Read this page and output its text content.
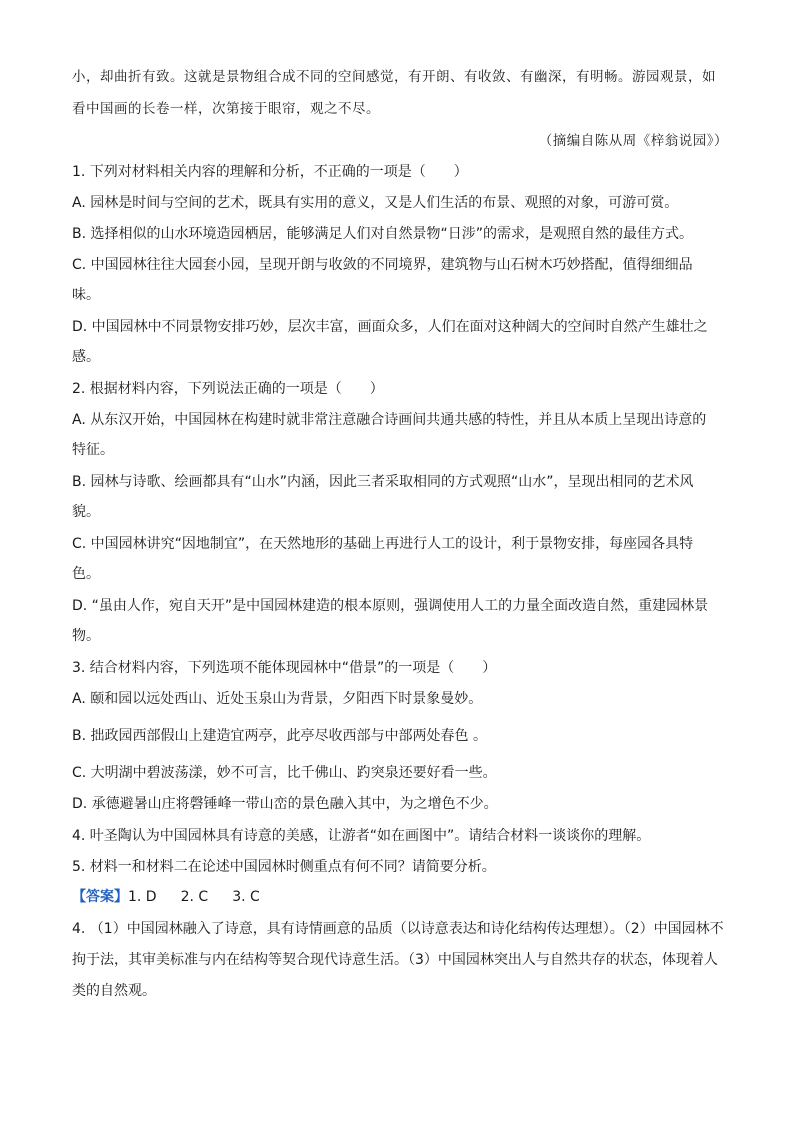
小，却曲折有致。这就是景物组合成不同的空间感觉，有开朗、有收敛、有幽深，有明畅。游园观景，如
看中国画的长卷一样，次第接于眼帘，观之不尽。
（摘编自陈从周《梓翁说园》）
1. 下列对材料相关内容的理解和分析，不正确的一项是（　　）
A. 园林是时间与空间的艺术，既具有实用的意义，又是人们生活的布景、观照的对象，可游可赏。
B. 选择相似的山水环境造园栖居，能够满足人们对自然景物“日涉”的需求，是观照自然的最佳方式。
C. 中国园林往往大园套小园，呈现开朗与收敛的不同境界，建筑物与山石树木巧妙搭配，值得细细品
味。
D. 中国园林中不同景物安排巧妙，层次丰富，画面众多，人们在面对这种阔大的空间时自然产生雄壮之
感。
2. 根据材料内容，下列说法正确的一项是（　　）
A. 从东汉开始，中国园林在构建时就非常注意融合诗画间共通共感的特性，并且从本质上呈现出诗意的
特征。
B. 园林与诗歌、绘画都具有“山水”内涵，因此三者采取相同的方式观照“山水”，呈现出相同的艺术风
貌。
C. 中国园林讲究“因地制宜”，在天然地形的基础上再进行人工的设计，利于景物安排，每座园各具特
色。
D. “虽由人作，宛自天开”是中国园林建造的根本原则，强调使用人工的力量全面改造自然，重建园林景
物。
3. 结合材料内容，下列选项不能体现园林中“借景”的一项是（　　）
A. 颐和园以远处西山、近处玉泉山为背景，夕阳西下时景象曼妙。
B. 拙政园西部假山上建造宜两亭，此亭尽收西部与中部两处春色 。
C. 大明湖中碧波荡漾，妙不可言，比千佛山、趵突泉还要好看一些。
D. 承德避暑山庄将磬锤峰一带山峦的景色融入其中，为之增色不少。
4. 叶圣陶认为中国园林具有诗意的美感，让游者“如在画图中”。请结合材料一谈谈你的理解。
5. 材料一和材料二在论述中国园林时侧重点有何不同？请简要分析。
【答案】1. D 2. C 3. C
4. （1）中国园林融入了诗意，具有诗情画意的品质（以诗意表达和诗化结构传达理想）。（2）中国园林不
拘于法，其审美标准与内在结构等契合现代诗意生活。（3）中国园林突出人与自然共存的状态，体现着人
类的自然观。
